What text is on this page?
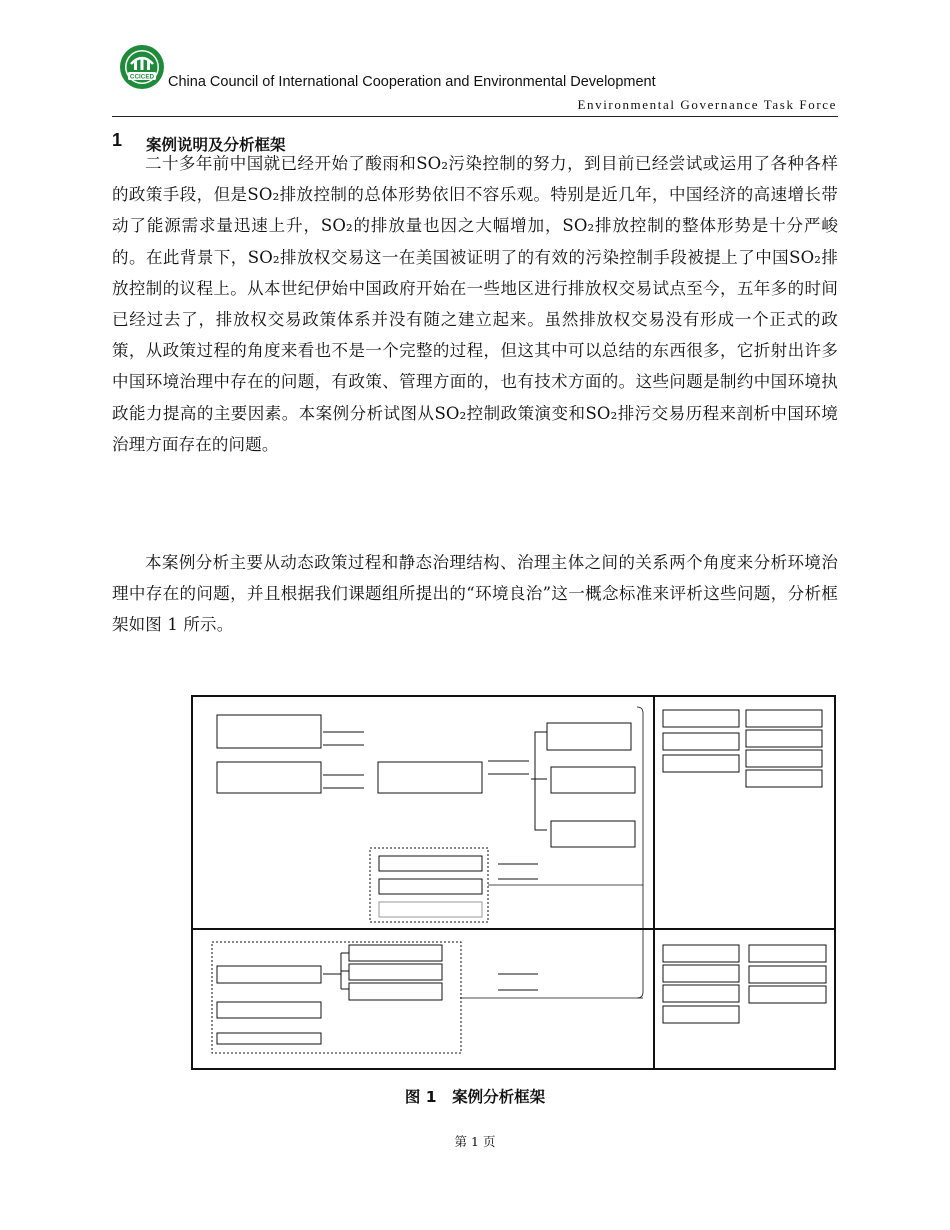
CCICED China Council of International Cooperation and Environmental Development
Environmental Governance Task Force
1 案例说明及分析框架

二十多年前中国就已经开始了酸雨和SO₂污染控制的努力，到目前已经尝试或运用了各种各样的政策手段，但是SO₂排放控制的总体形势依旧不容乐观。特别是近几年，中国经济的高速增长带动了能源需求量迅速上升，SO₂的排放量也因之大幅增加，SO₂排放控制的整体形势是十分严峻的。在此背景下，SO₂排放权交易这一在美国被证明了的有效的污染控制手段被提上了中国SO₂排放控制的议程上。从本世纪伊始中国政府开始在一些地区进行排放权交易试点至今，五年多的时间已经过去了，排放权交易政策体系并没有随之建立起来。虽然排放权交易没有形成一个正式的政策，从政策过程的角度来看也不是一个完整的过程，但这其中可以总结的东西很多，它折射出许多中国环境治理中存在的问题，有政策、管理方面的，也有技术方面的。这些问题是制约中国环境执政能力提高的主要因素。本案例分析试图从SO₂控制政策演变和SO₂排污交易历程来剖析中国环境治理方面存在的问题。

本案例分析主要从动态政策过程和静态治理结构、治理主体之间的关系两个角度来分析环境治理中存在的问题，并且根据我们课题组所提出的“环境良治”这一概念标准来评析这些问题，分析框架如图 1 所示。

图 1　案例分析框架
第 1 页
